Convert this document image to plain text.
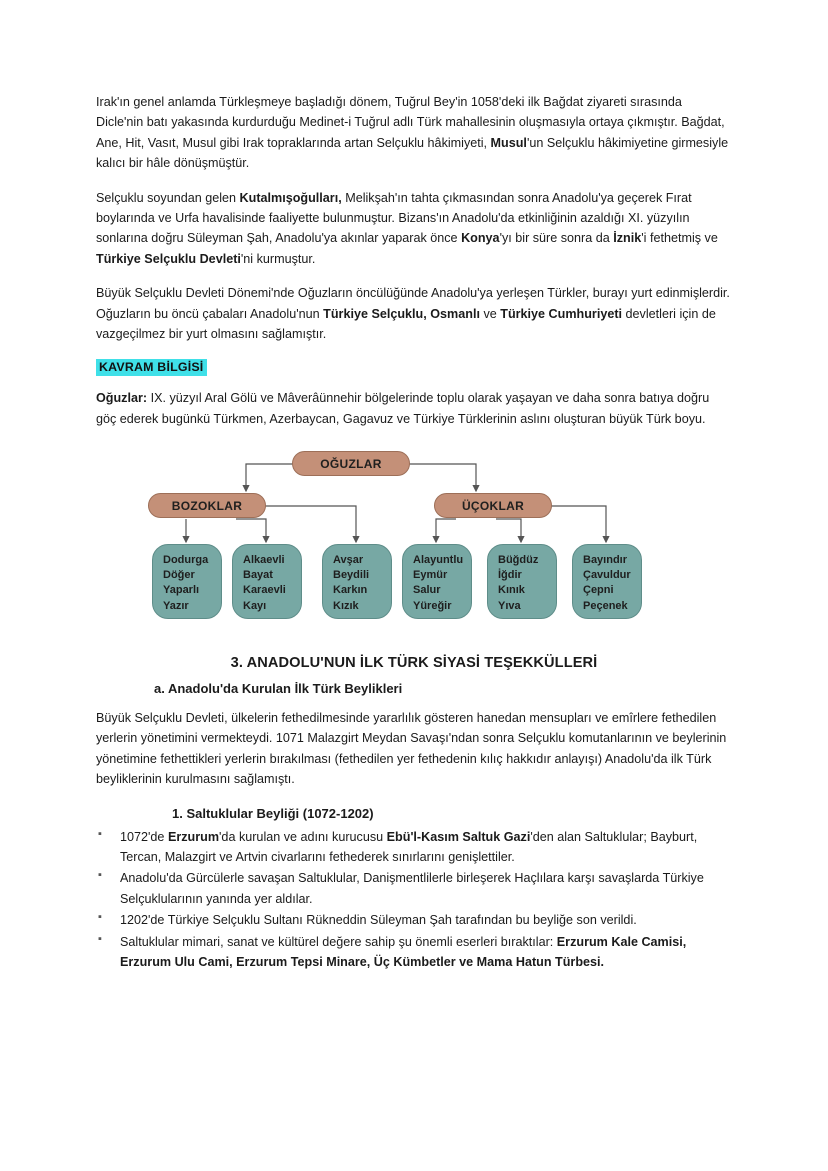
Irak'ın genel anlamda Türkleşmeye başladığı dönem, Tuğrul Bey'in 1058'deki ilk Bağdat ziyareti sırasında Dicle'nin batı yakasında kurdurduğu Medinet-i Tuğrul adlı Türk mahallesinin oluşmasıyla ortaya çıkmıştır. Bağdat, Ane, Hit, Vasıt, Musul gibi Irak topraklarında artan Selçuklu hâkimiyeti, Musul'un Selçuklu hâkimiyetine girmesiyle kalıcı bir hâle dönüşmüştür.

Selçuklu soyundan gelen Kutalmışoğulları, Melikşah'ın tahta çıkmasından sonra Anadolu'ya geçerek Fırat boylarında ve Urfa havalisinde faaliyette bulunmuştur. Bizans'ın Anadolu'da etkinliğinin azaldığı XI. yüzyılın sonlarına doğru Süleyman Şah, Anadolu'ya akınlar yaparak önce Konya'yı bir süre sonra da İznik'i fethetmiş ve Türkiye Selçuklu Devleti'ni kurmuştur.

Büyük Selçuklu Devleti Dönemi'nde Oğuzların öncülüğünde Anadolu'ya yerleşen Türkler, burayı yurt edinmişlerdir. Oğuzların bu öncü çabaları Anadolu'nun Türkiye Selçuklu, Osmanlı ve Türkiye Cumhuriyeti devletleri için de vazgeçilmez bir yurt olmasını sağlamıştır.

KAVRAM BİLGİSİ

Oğuzlar: IX. yüzyıl Aral Gölü ve Mâverâünnehir bölgelerinde toplu olarak yaşayan ve daha sonra batıya doğru göç ederek bugünkü Türkmen, Azerbaycan, Gagavuz ve Türkiye Türklerinin aslını oluşturan büyük Türk boyu.

OĞUZLAR
BOZOKLAR	ÜÇOKLAR
Dodurga
Döğer
Yaparlı
Yazır
Alkaevli
Bayat
Karaevli
Kayı
Avşar
Beydili
Karkın
Kızık
Alayuntlu
Eymür
Salur
Yüreğir
Büğdüz
İğdir
Kınık
Yıva
Bayındır
Çavuldur
Çepni
Peçenek
3. ANADOLU'NUN İLK TÜRK SİYASİ TEŞEKKÜLLERİ
a. Anadolu'da Kurulan İlk Türk Beylikleri

Büyük Selçuklu Devleti, ülkelerin fethedilmesinde yararlılık gösteren hanedan mensupları ve emîrlere fethedilen yerlerin yönetimini vermekteydi. 1071 Malazgirt Meydan Savaşı'ndan sonra Selçuklu komutanlarının ve beylerinin yönetimine fethettikleri yerlerin bırakılması (fethedilen yer fethedenin kılıç hakkıdır anlayışı) Anadolu'da ilk Türk beyliklerinin kurulmasını sağlamıştı.

1. Saltuklular Beyliği (1072-1202)
▪ 1072'de Erzurum'da kurulan ve adını kurucusu Ebü'l-Kasım Saltuk Gazi'den alan Saltuklular; Bayburt, Tercan, Malazgirt ve Artvin civarlarını fethederek sınırlarını genişlettiler.
▪ Anadolu'da Gürcülerle savaşan Saltuklular, Danişmentlilerle birleşerek Haçlılara karşı savaşlarda Türkiye Selçuklularının yanında yer aldılar.
▪ 1202'de Türkiye Selçuklu Sultanı Rükneddin Süleyman Şah tarafından bu beyliğe son verildi.
▪ Saltuklular mimari, sanat ve kültürel değere sahip şu önemli eserleri bıraktılar: Erzurum Kale Camisi, Erzurum Ulu Cami, Erzurum Tepsi Minare, Üç Kümbetler ve Mama Hatun Türbesi.
